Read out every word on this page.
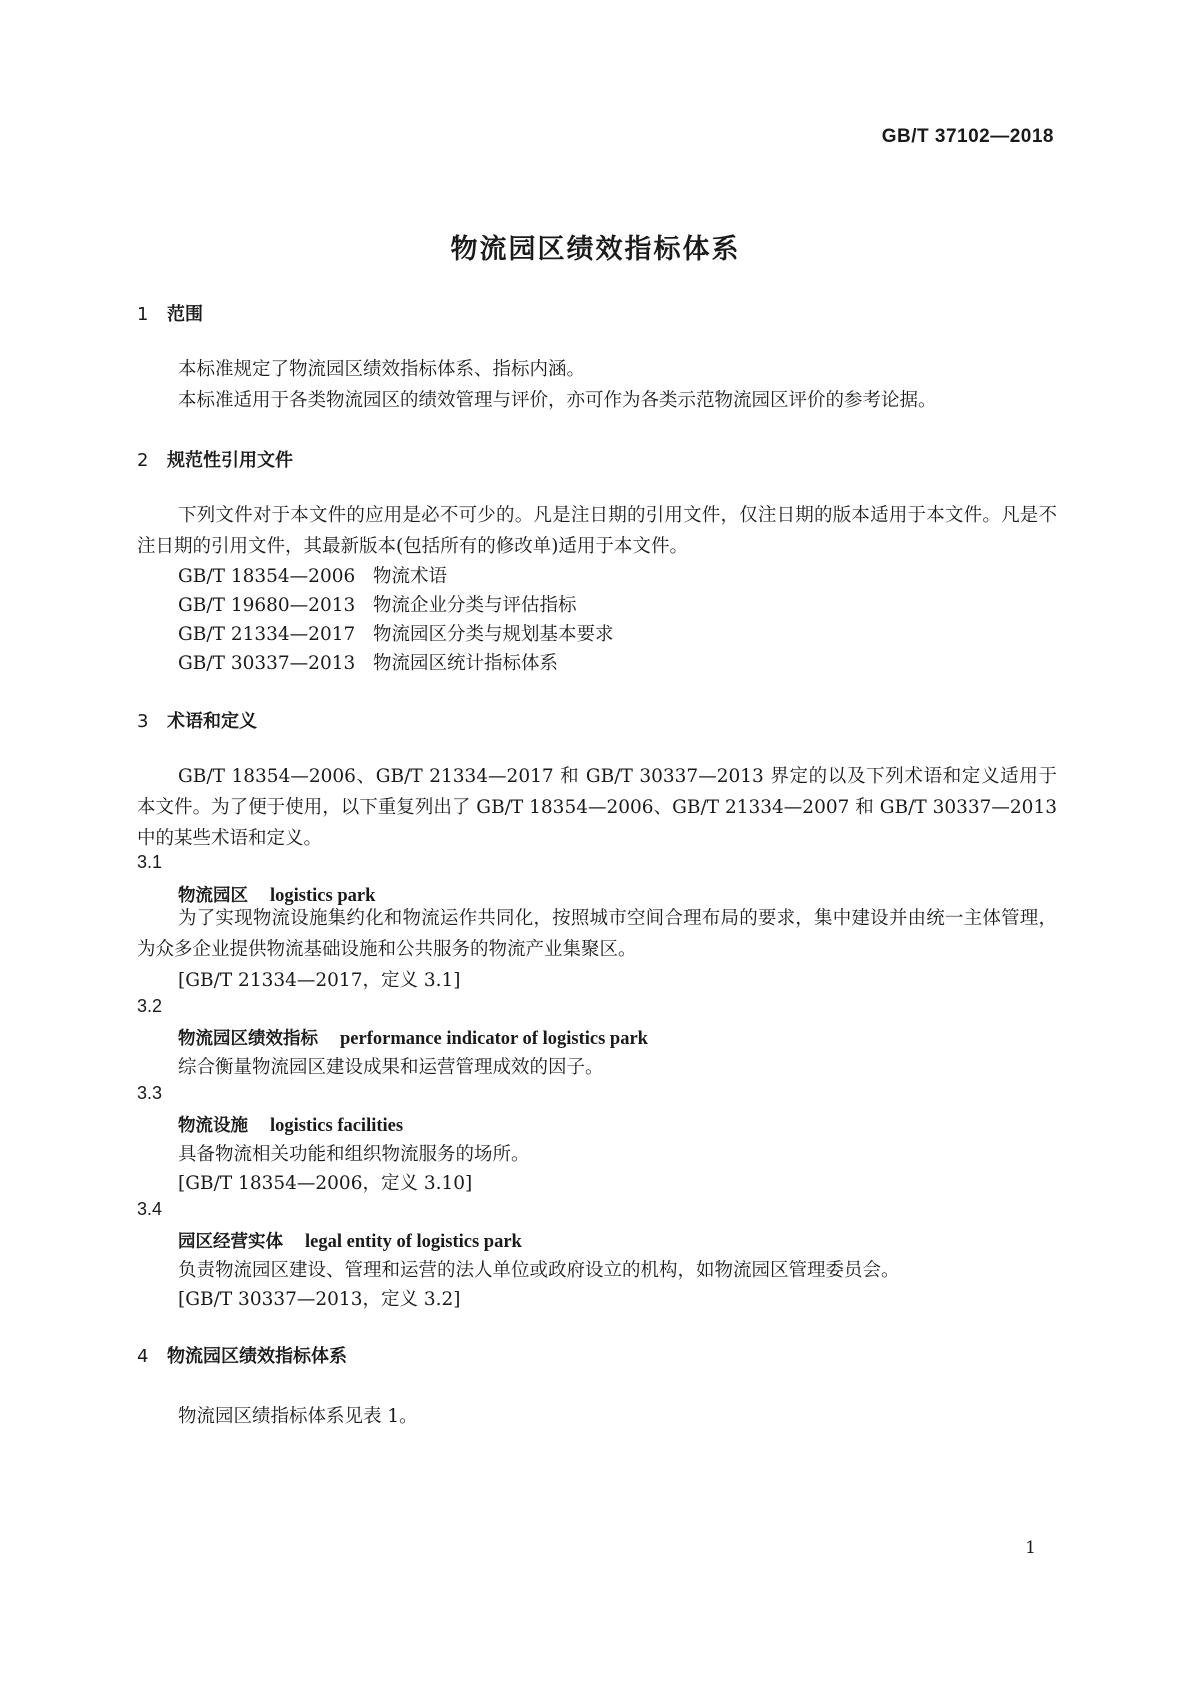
GB/T 37102—2018
物流园区绩效指标体系
1 范围
本标准规定了物流园区绩效指标体系、指标内涵。
本标准适用于各类物流园区的绩效管理与评价，亦可作为各类示范物流园区评价的参考论据。
2 规范性引用文件
下列文件对于本文件的应用是必不可少的。凡是注日期的引用文件，仅注日期的版本适用于本文件。凡是不注日期的引用文件，其最新版本(包括所有的修改单)适用于本文件。
GB/T 18354—2006 物流术语
GB/T 19680—2013 物流企业分类与评估指标
GB/T 21334—2017 物流园区分类与规划基本要求
GB/T 30337—2013 物流园区统计指标体系
3 术语和定义
GB/T 18354—2006、GB/T 21334—2017 和 GB/T 30337—2013 界定的以及下列术语和定义适用于本文件。为了便于使用，以下重复列出了 GB/T 18354—2006、GB/T 21334—2007 和 GB/T 30337—2013 中的某些术语和定义。
3.1
物流园区 logistics park
为了实现物流设施集约化和物流运作共同化，按照城市空间合理布局的要求，集中建设并由统一主体管理，为众多企业提供物流基础设施和公共服务的物流产业集聚区。
[GB/T 21334—2017，定义 3.1]
3.2
物流园区绩效指标 performance indicator of logistics park
综合衡量物流园区建设成果和运营管理成效的因子。
3.3
物流设施 logistics facilities
具备物流相关功能和组织物流服务的场所。
[GB/T 18354—2006，定义 3.10]
3.4
园区经营实体 legal entity of logistics park
负责物流园区建设、管理和运营的法人单位或政府设立的机构，如物流园区管理委员会。
[GB/T 30337—2013，定义 3.2]
4 物流园区绩效指标体系
物流园区绩指标体系见表 1。
1
